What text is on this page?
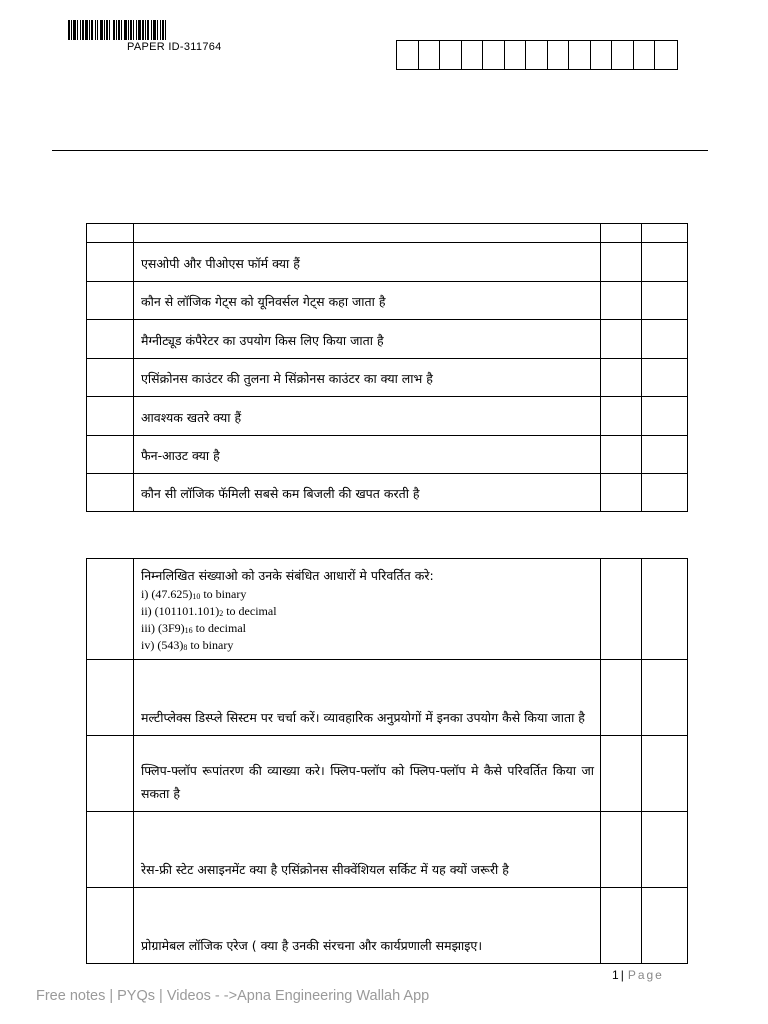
PAPER ID-311764

	एसओपी और पीओएस फॉर्म क्या हैं		

	कौन से लॉजिक गेट्स को यूनिवर्सल गेट्स कहा जाता है		

	मैग्नीट्यूड कंपैरेटर का उपयोग किस लिए किया जाता है		

	एसिंक्रोनस काउंटर की तुलना मे सिंक्रोनस काउंटर का क्या लाभ है		

	आवश्यक खतरे क्या हैं		

	फैन-आउट क्या है		

	कौन सी लॉजिक फॅमिली सबसे कम बिजली की खपत करती है		

	निम्नलिखित संख्याओ को उनके संबंधित आधारों मे परिवर्तित करे:
i) $(47.625)_{10}$ to binary
ii) $(101101.101)_2$ to decimal
iii) $(3F9)_{16}$ to decimal
iv) $(543)_8$ to binary		

	मल्टीप्लेक्स डिस्प्ले सिस्टम पर चर्चा करें। व्यावहारिक अनुप्रयोगों में इनका उपयोग कैसे किया जाता है		

	फ्लिप-फ्लॉप रूपांतरण की व्याख्या करे। फ्लिप-फ्लॉप को फ्लिप-फ्लॉप मे कैसे परिवर्तित किया जा सकता है		

	रेस-फ्री स्टेट असाइनमेंट क्या है एसिंक्रोनस सीक्वेंशियल सर्किट में यह क्यों जरूरी है		

	प्रोग्रामेबल लॉजिक एरेज ( क्या है उनकी संरचना और कार्यप्रणाली समझाइए।		

1 | Page
Free notes | PYQs | Videos - ->Apna Engineering Wallah App
